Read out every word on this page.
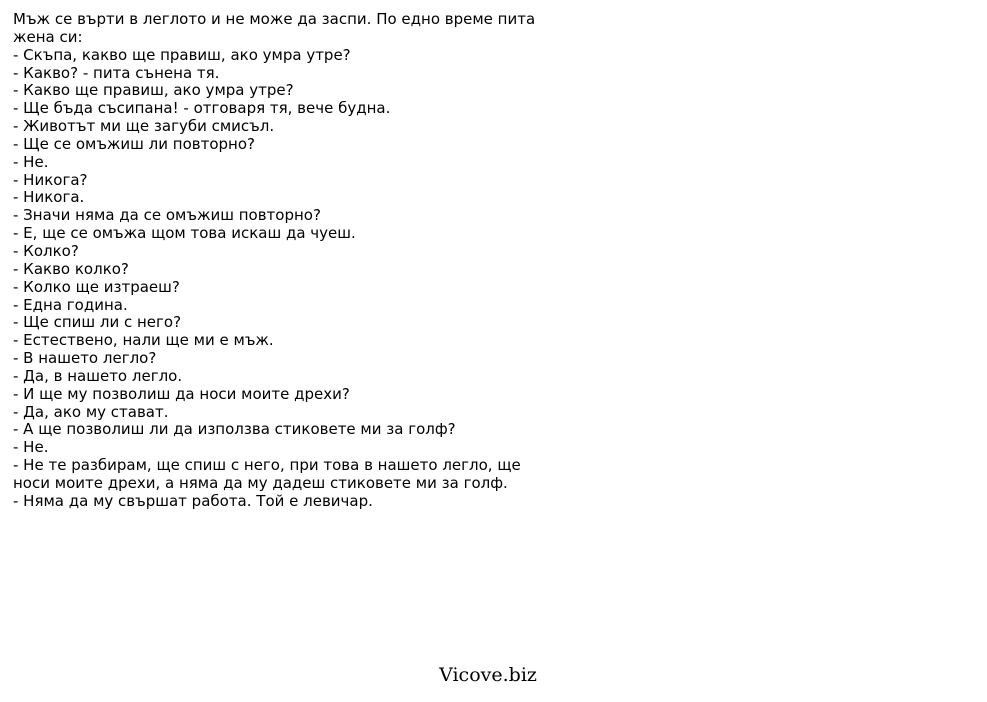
Мъж се върти в леглото и не може да заспи. По едно време пита
жена си:
- Скъпа, какво ще правиш, ако умра утре?
- Какво? - пита сънена тя.
- Какво ще правиш, ако умра утре?
- Ще бъда съсипана! - отговаря тя, вече будна.
- Животът ми ще загуби смисъл.
- Ще се омъжиш ли повторно?
- Не.
- Никога?
- Никога.
- Значи няма да се омъжиш повторно?
- Е, ще се омъжа щом това искаш да чуеш.
- Колко?
- Какво колко?
- Колко ще изтраеш?
- Една година.
- Ще спиш ли с него?
- Естествено, нали ще ми е мъж.
- В нашето легло?
- Да, в нашето легло.
- И ще му позволиш да носи моите дрехи?
- Да, ако му стават.
- А ще позволиш ли да използва стиковете ми за голф?
- Не.
- Не те разбирам, ще спиш с него, при това в нашето легло, ще
носи моите дрехи, а няма да му дадеш стиковете ми за голф.
- Няма да му свършат работа. Той е левичар.
Vicove.biz
